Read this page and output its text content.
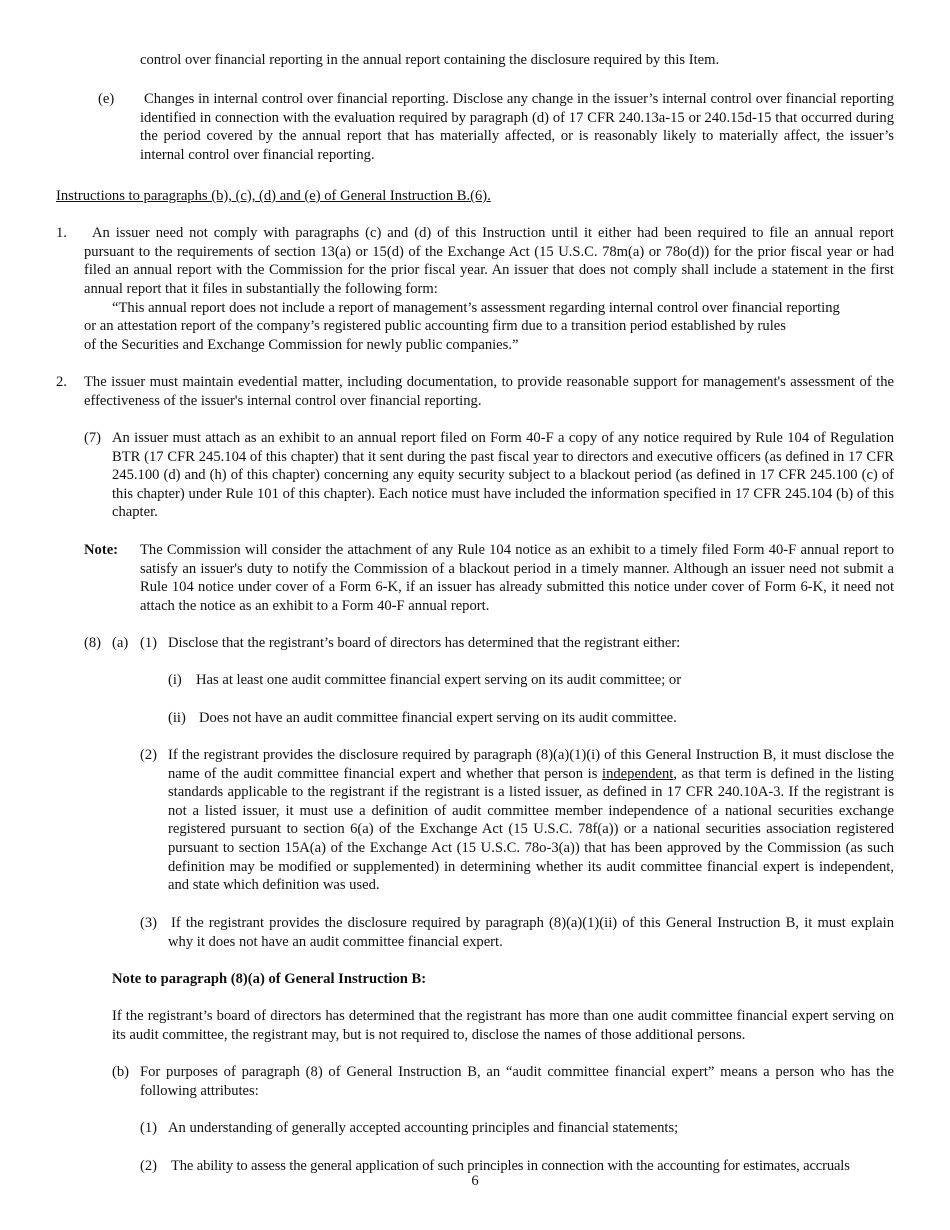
control over financial reporting in the annual report containing the disclosure required by this Item.

(e) Changes in internal control over financial reporting. Disclose any change in the issuer’s internal control over financial reporting identified in connection with the evaluation required by paragraph (d) of 17 CFR 240.13a-15 or 240.15d-15 that occurred during the period covered by the annual report that has materially affected, or is reasonably likely to materially affect, the issuer’s internal control over financial reporting.

Instructions to paragraphs (b), (c), (d) and (e) of General Instruction B.(6).

1.	An issuer need not comply with paragraphs (c) and (d) of this Instruction until it either had been required to file an annual report pursuant to the requirements of section 13(a) or 15(d) of the Exchange Act (15 U.S.C. 78m(a) or 78o(d)) for the prior fiscal year or had filed an annual report with the Commission for the prior fiscal year. An issuer that does not comply shall include a statement in the first annual report that it files in substantially the following form:

“This annual report does not include a report of management’s assessment regarding internal control over financial reporting

or an attestation report of the company’s registered public accounting firm due to a transition period established by rules

of the Securities and Exchange Commission for newly public companies.”

2. The issuer must maintain evedential matter, including documentation, to provide reasonable support for management's assessment of the effectiveness of the issuer's internal control over financial reporting.

(7) An issuer must attach as an exhibit to an annual report filed on Form 40-F a copy of any notice required by Rule 104 of Regulation BTR (17 CFR 245.104 of this chapter) that it sent during the past fiscal year to directors and executive officers (as defined in 17 CFR 245.100 (d) and (h) of this chapter) concerning any equity security subject to a blackout period (as defined in 17 CFR 245.100 (c) of this chapter) under Rule 101 of this chapter). Each notice must have included the information specified in 17 CFR 245.104 (b) of this chapter.

Note: The Commission will consider the attachment of any Rule 104 notice as an exhibit to a timely filed Form 40-F annual report to satisfy an issuer's duty to notify the Commission of a blackout period in a timely manner. Although an issuer need not submit a Rule 104 notice under cover of a Form 6-K, if an issuer has already submitted this notice under cover of Form 6-K, it need not attach the notice as an exhibit to a Form 40-F annual report.

(8) (a) (1) Disclose that the registrant’s board of directors has determined that the registrant either:

(i) Has at least one audit committee financial expert serving on its audit committee; or

(ii) Does not have an audit committee financial expert serving on its audit committee.

(2) If the registrant provides the disclosure required by paragraph (8)(a)(1)(i) of this General Instruction B, it must disclose the name of the audit committee financial expert and whether that person is independent, as that term is defined in the listing standards applicable to the registrant if the registrant is a listed issuer, as defined in 17 CFR 240.10A-3. If the registrant is not a listed issuer, it must use a definition of audit committee member independence of a national securities exchange registered pursuant to section 6(a) of the Exchange Act (15 U.S.C. 78f(a)) or a national securities association registered pursuant to section 15A(a) of the Exchange Act (15 U.S.C. 78o-3(a)) that has been approved by the Commission (as such definition may be modified or supplemented) in determining whether its audit committee financial expert is independent, and state which definition was used.

(3) If the registrant provides the disclosure required by paragraph (8)(a)(1)(ii) of this General Instruction B, it must explain why it does not have an audit committee financial expert.

Note to paragraph (8)(a) of General Instruction B:

If the registrant’s board of directors has determined that the registrant has more than one audit committee financial expert serving on its audit committee, the registrant may, but is not required to, disclose the names of those additional persons.

(b) For purposes of paragraph (8) of General Instruction B, an “audit committee financial expert” means a person who has the following attributes:

(1) An understanding of generally accepted accounting principles and financial statements;

(2) The ability to assess the general application of such principles in connection with the accounting for estimates, accruals

6
